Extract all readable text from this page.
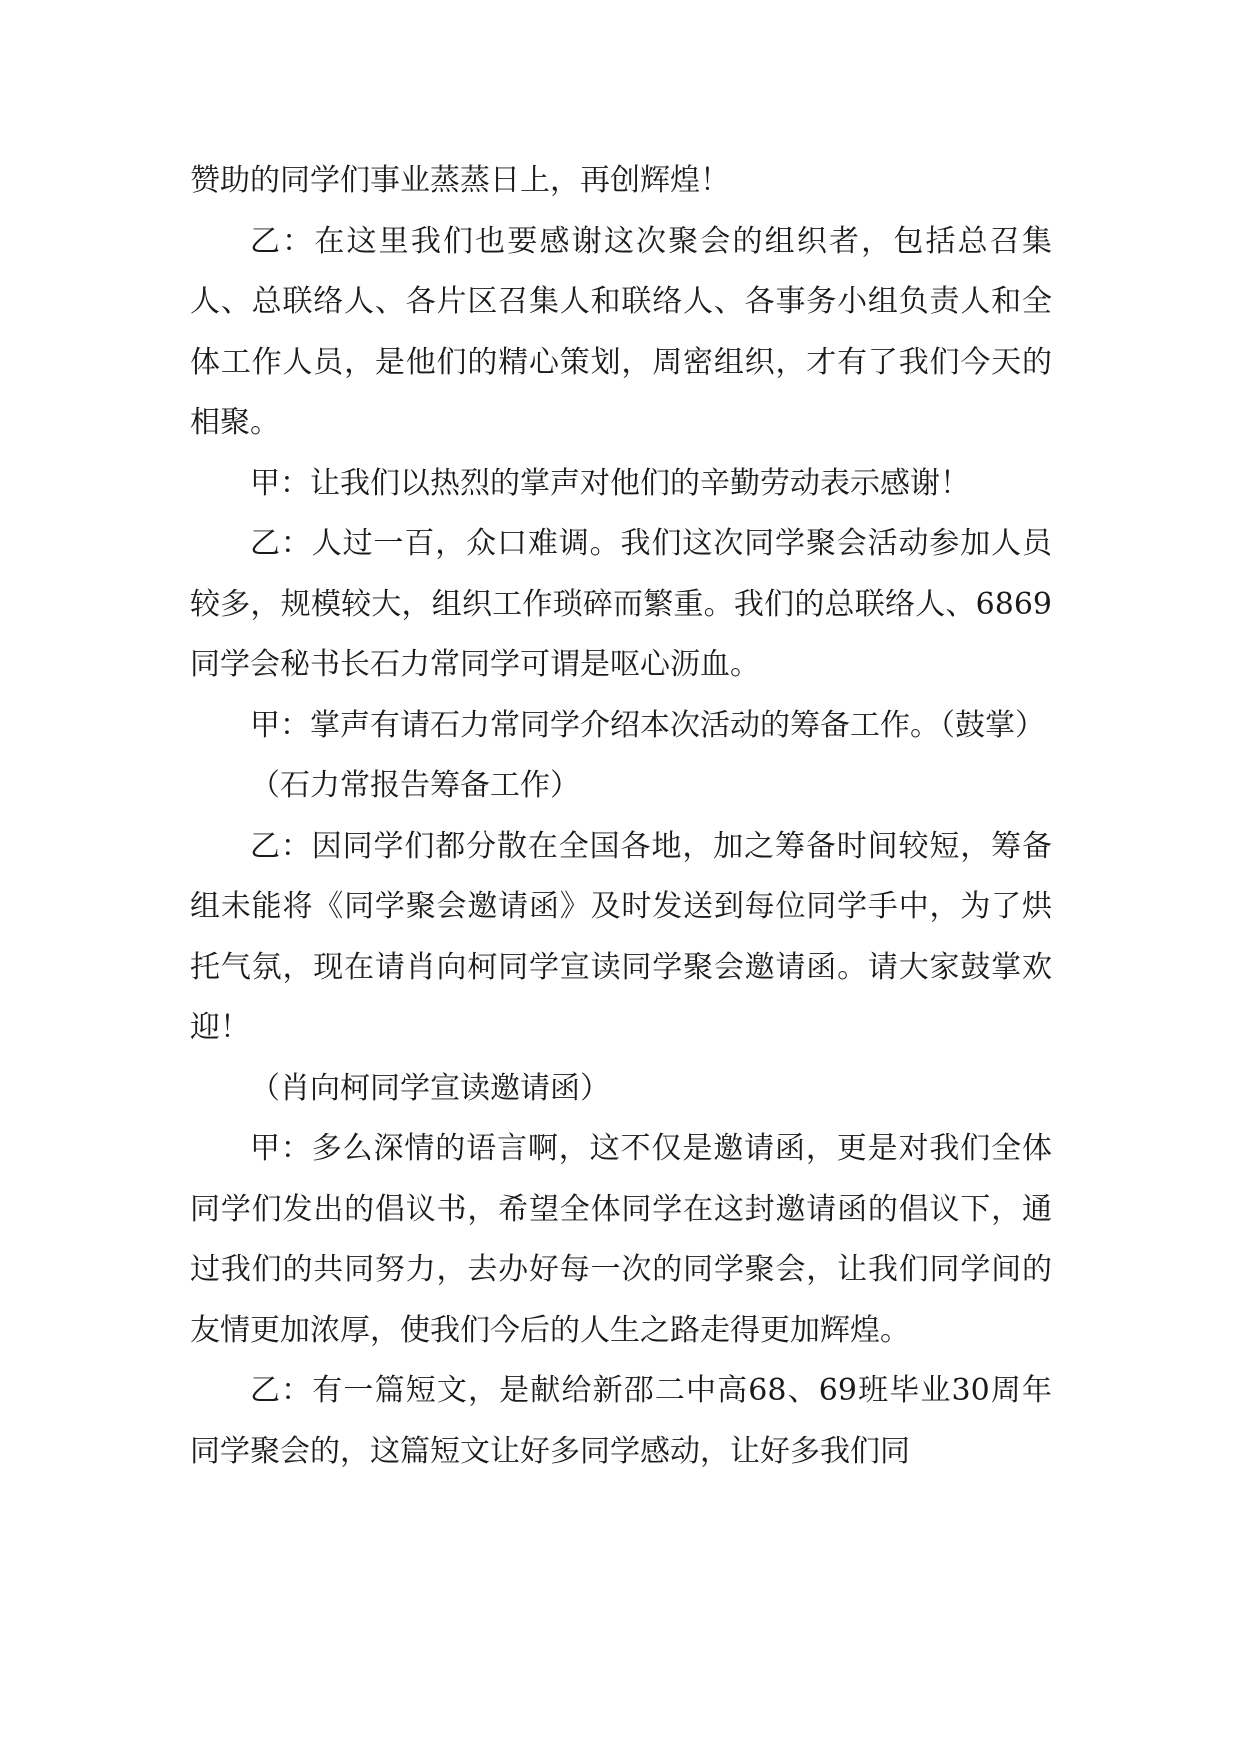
赞助的同学们事业蒸蒸日上，再创辉煌！

乙：在这里我们也要感谢这次聚会的组织者，包括总召集人、总联络人、各片区召集人和联络人、各事务小组负责人和全体工作人员，是他们的精心策划，周密组织，才有了我们今天的相聚。

甲：让我们以热烈的掌声对他们的辛勤劳动表示感谢！

乙：人过一百，众口难调。我们这次同学聚会活动参加人员较多，规模较大，组织工作琐碎而繁重。我们的总联络人、6869同学会秘书长石力常同学可谓是呕心沥血。

甲：掌声有请石力常同学介绍本次活动的筹备工作。（鼓掌）

（石力常报告筹备工作）

乙：因同学们都分散在全国各地，加之筹备时间较短，筹备组未能将《同学聚会邀请函》及时发送到每位同学手中，为了烘托气氛，现在请肖向柯同学宣读同学聚会邀请函。请大家鼓掌欢迎！

（肖向柯同学宣读邀请函）

甲：多么深情的语言啊，这不仅是邀请函，更是对我们全体同学们发出的倡议书，希望全体同学在这封邀请函的倡议下，通过我们的共同努力，去办好每一次的同学聚会，让我们同学间的友情更加浓厚，使我们今后的人生之路走得更加辉煌。

乙：有一篇短文，是献给新邵二中高68、69班毕业30周年同学聚会的，这篇短文让好多同学感动，让好多我们同
